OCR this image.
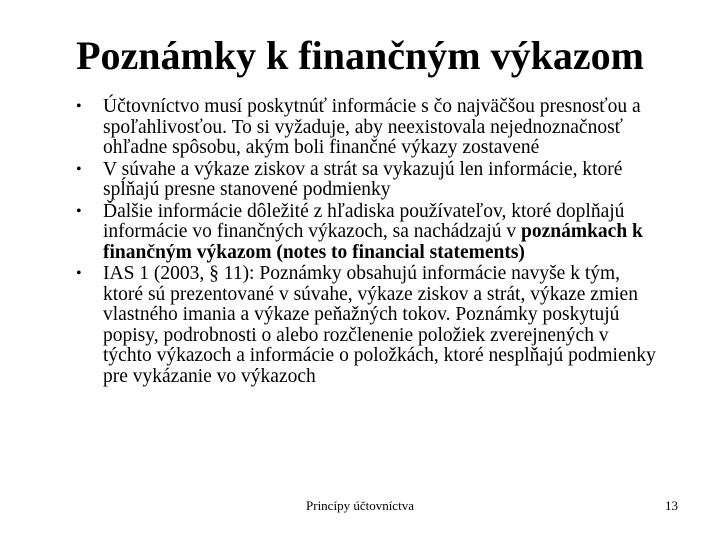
Poznámky k finančným výkazom
• Účtovníctvo musí poskytnúť informácie s čo najväčšou presnosťou a spoľahlivosťou. To si vyžaduje, aby neexistovala nejednoznačnosť ohľadne spôsobu, akým boli finančné výkazy zostavené
• V súvahe a výkaze ziskov a strát sa vykazujú len informácie, ktoré spĺňajú presne stanovené podmienky
• Ďalšie informácie dôležité z hľadiska používateľov, ktoré doplňajú informácie vo finančných výkazoch, sa nachádzajú v poznámkach k finančným výkazom (notes to financial statements)
• IAS 1 (2003, § 11): Poznámky obsahujú informácie navyše k tým, ktoré sú prezentované v súvahe, výkaze ziskov a strát, výkaze zmien vlastného imania a výkaze peňažných tokov. Poznámky poskytujú popisy, podrobnosti o alebo rozčlenenie položiek zverejnených v týchto výkazoch a informácie o položkách, ktoré nesplňajú podmienky pre vykázanie vo výkazoch
Princípy účtovníctva	13
